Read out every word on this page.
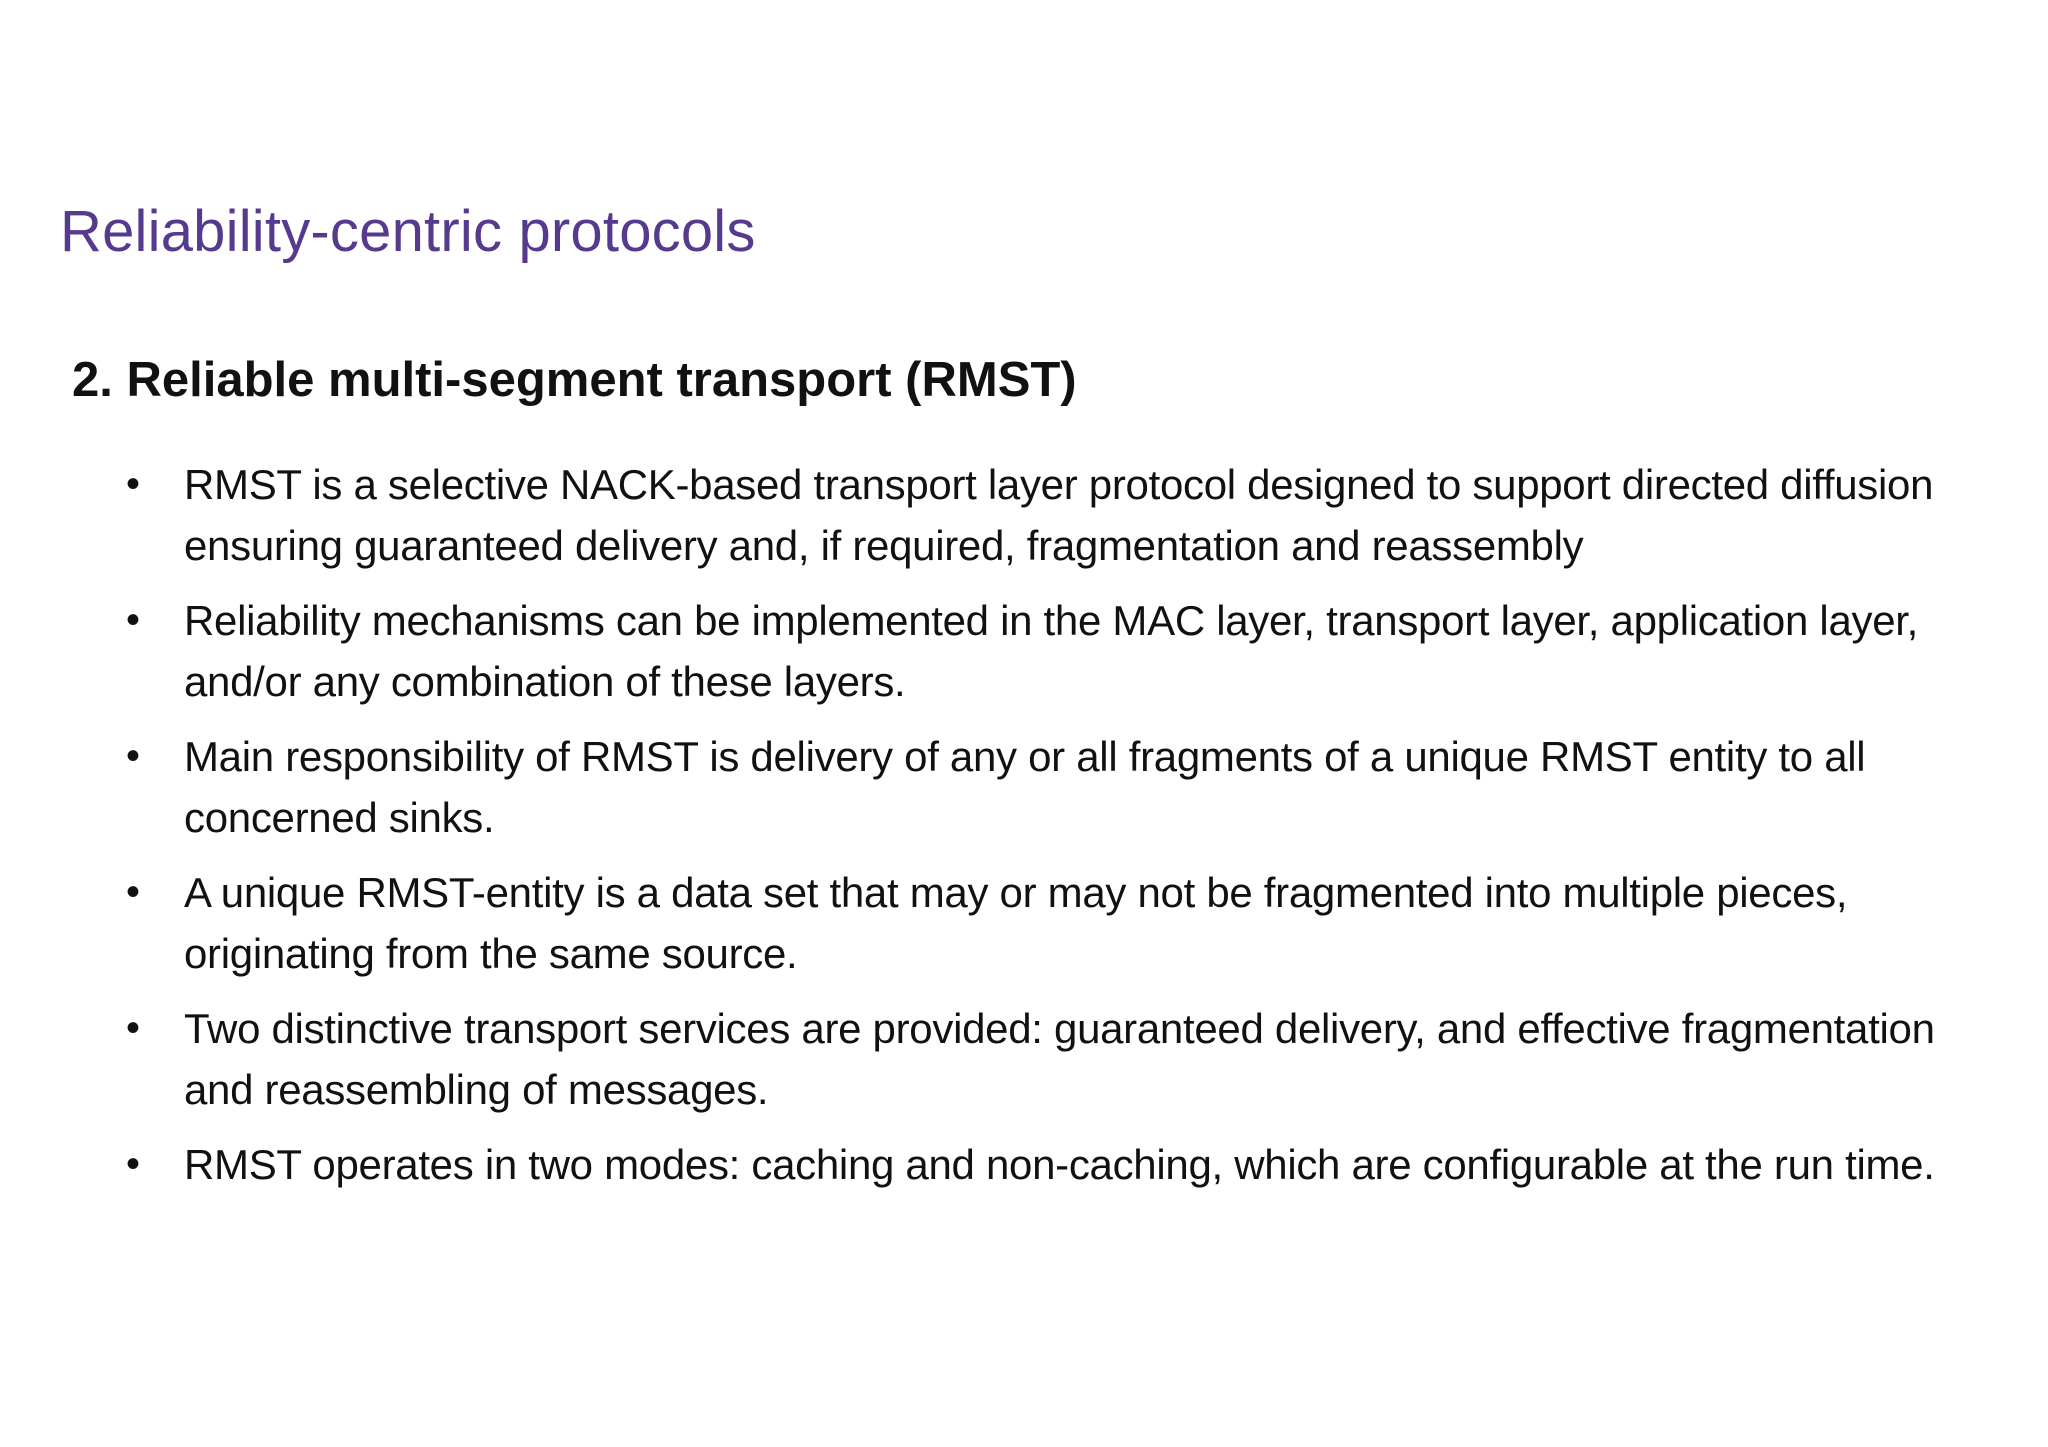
Reliability-centric protocols
2. Reliable multi-segment transport (RMST)
• RMST is a selective NACK-based transport layer protocol designed to support directed diffusion ensuring guaranteed delivery and, if required, fragmentation and reassembly
• Reliability mechanisms can be implemented in the MAC layer, transport layer, application layer, and/or any combination of these layers.
• Main responsibility of RMST is delivery of any or all fragments of a unique RMST entity to all concerned sinks.
• A unique RMST-entity is a data set that may or may not be fragmented into multiple pieces, originating from the same source.
• Two distinctive transport services are provided: guaranteed delivery, and effective fragmentation and reassembling of messages.
• RMST operates in two modes: caching and non-caching, which are configurable at the run time.
